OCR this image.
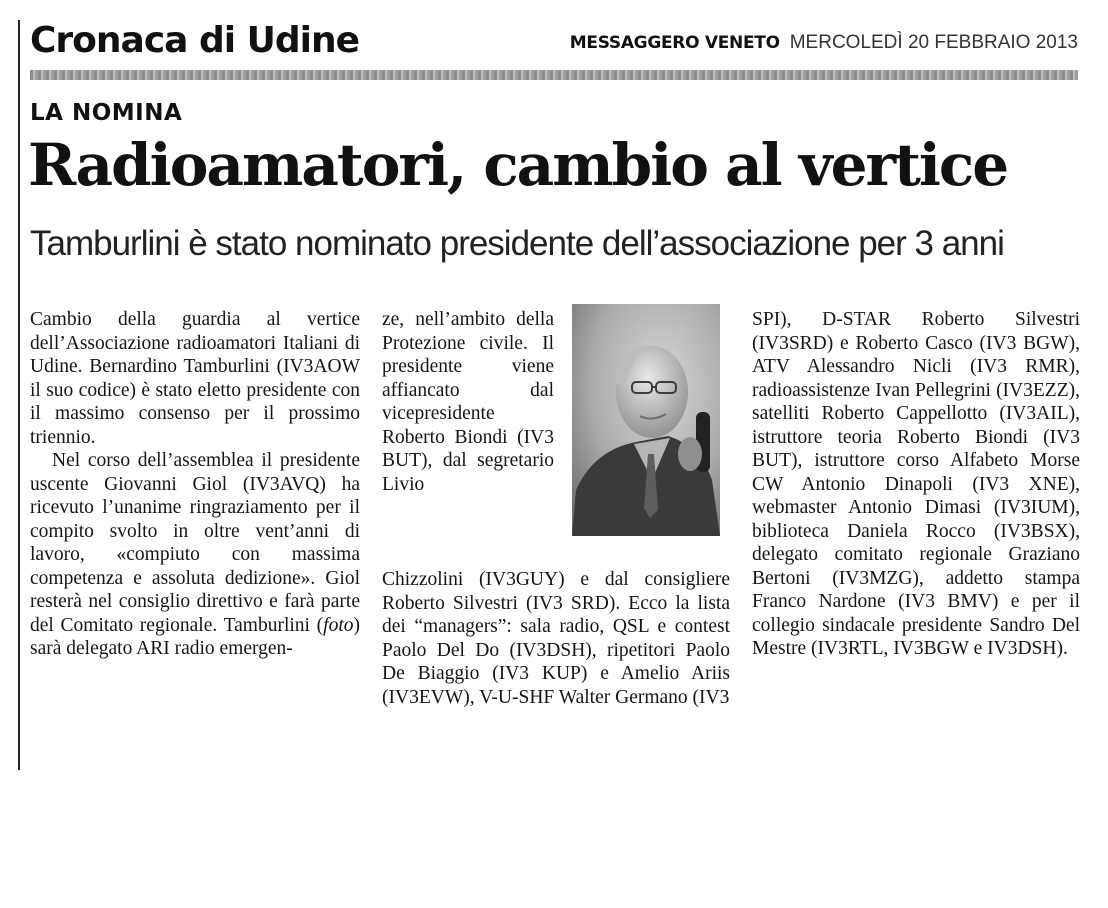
Cronaca di Udine	MESSAGGERO VENETO MERCOLEDÌ 20 FEBBRAIO 2013
LA NOMINA
Radioamatori, cambio al vertice
Tamburlini è stato nominato presidente dell’associazione per 3 anni

Cambio della guardia al vertice dell’Associazione radioamatori Italiani di Udine. Bernardino Tamburlini (IV3AOW il suo codice) è stato eletto presidente con il massimo consenso per il prossimo triennio.

Nel corso dell’assemblea il presidente uscente Giovanni Giol (IV3AVQ) ha ricevuto l’unanime ringraziamento per il compito svolto in oltre vent’anni di lavoro, «compiuto con massima competenza e assoluta dedizione». Giol resterà nel consiglio direttivo e farà parte del Comitato regionale. Tamburlini (foto) sarà delegato ARI radio emergen-

ze, nell’ambito della Protezione civile. Il presidente viene affiancato dal vicepresidente Roberto Biondi (IV3 BUT), dal segretario Livio

Chizzolini (IV3GUY) e dal consigliere Roberto Silvestri (IV3 SRD). Ecco la lista dei “managers”: sala radio, QSL e contest Paolo Del Do (IV3DSH), ripetitori Paolo De Biaggio (IV3 KUP) e Amelio Ariis (IV3EVW), V-U-SHF Walter Germano (IV3

SPI), D-STAR Roberto Silvestri (IV3SRD) e Roberto Casco (IV3 BGW), ATV Alessandro Nicli (IV3 RMR), radioassistenze Ivan Pellegrini (IV3EZZ), satelliti Roberto Cappellotto (IV3AIL), istruttore teoria Roberto Biondi (IV3 BUT), istruttore corso Alfabeto Morse CW Antonio Dinapoli (IV3 XNE), webmaster Antonio Dimasi (IV3IUM), biblioteca Daniela Rocco (IV3BSX), delegato comitato regionale Graziano Bertoni (IV3MZG), addetto stampa Franco Nardone (IV3 BMV) e per il collegio sindacale presidente Sandro Del Mestre (IV3RTL, IV3BGW e IV3DSH).
